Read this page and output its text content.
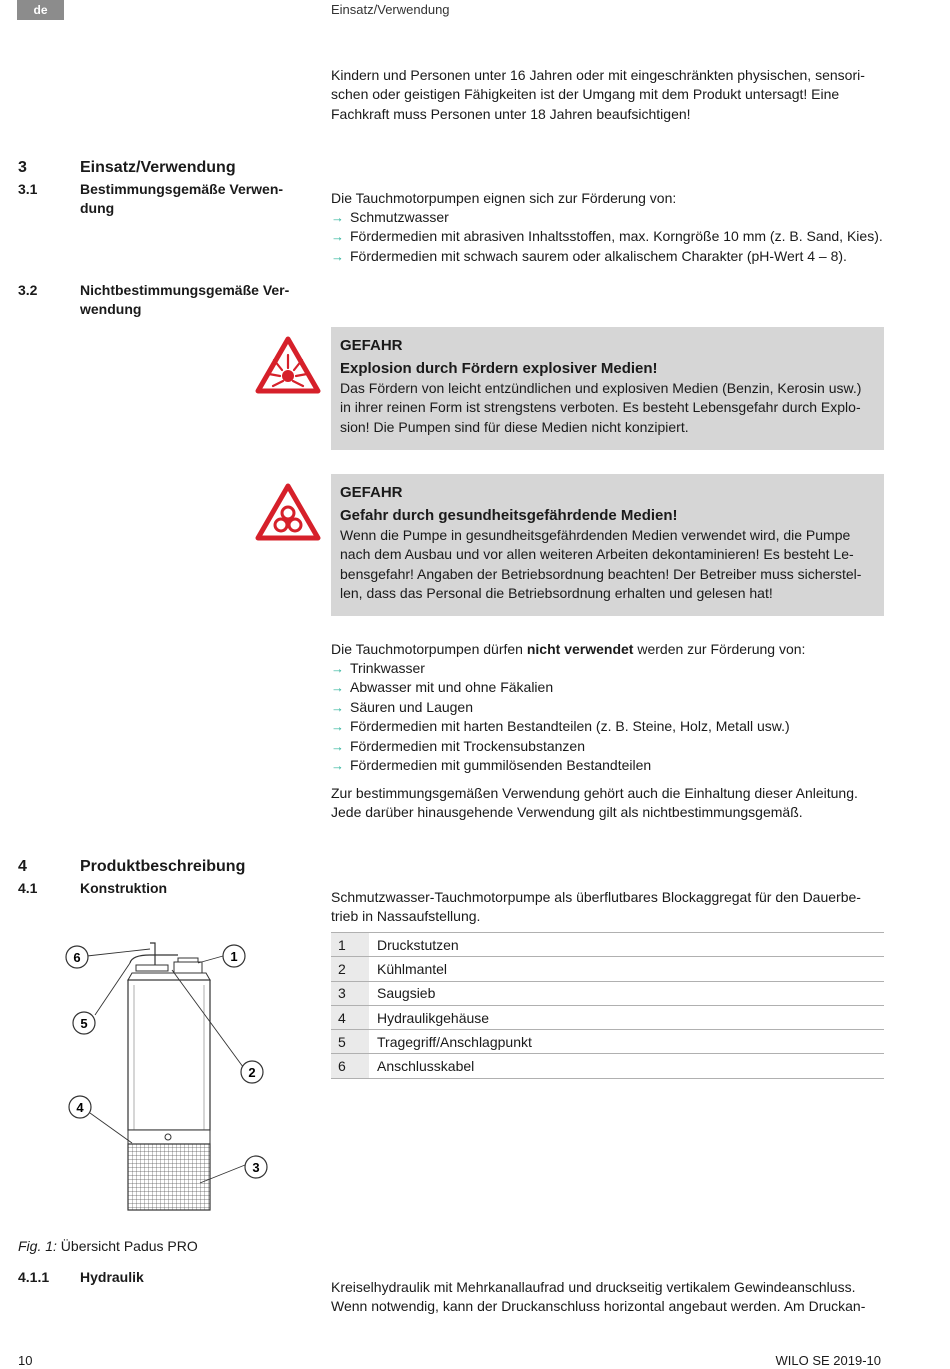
de	Einsatz/Verwendung
Kindern und Personen unter 16 Jahren oder mit eingeschränkten physischen, sensori-
schen oder geistigen Fähigkeiten ist der Umgang mit dem Produkt untersagt! Eine
Fachkraft muss Personen unter 18 Jahren beaufsichtigen!
3	Einsatz/Verwendung
3.1	Bestimmungsgemäße Verwen-
dung
Die Tauchmotorpumpen eignen sich zur Förderung von:
→ Schmutzwasser
→ Fördermedien mit abrasiven Inhaltsstoffen, max. Korngröße 10 mm (z. B. Sand, Kies).
→ Fördermedien mit schwach saurem oder alkalischem Charakter (pH-Wert 4 – 8).
3.2	Nichtbestimmungsgemäße Ver-
wendung
GEFAHR
Explosion durch Fördern explosiver Medien!
Das Fördern von leicht entzündlichen und explosiven Medien (Benzin, Kerosin usw.)
in ihrer reinen Form ist strengstens verboten. Es besteht Lebensgefahr durch Explo-
sion! Die Pumpen sind für diese Medien nicht konzipiert.
GEFAHR
Gefahr durch gesundheitsgefährdende Medien!
Wenn die Pumpe in gesundheitsgefährdenden Medien verwendet wird, die Pumpe
nach dem Ausbau und vor allen weiteren Arbeiten dekontaminieren! Es besteht Le-
bensgefahr! Angaben der Betriebsordnung beachten! Der Betreiber muss sicherstel-
len, dass das Personal die Betriebsordnung erhalten und gelesen hat!
Die Tauchmotorpumpen dürfen nicht verwendet werden zur Förderung von:
→ Trinkwasser
→ Abwasser mit und ohne Fäkalien
→ Säuren und Laugen
→ Fördermedien mit harten Bestandteilen (z. B. Steine, Holz, Metall usw.)
→ Fördermedien mit Trockensubstanzen
→ Fördermedien mit gummilösenden Bestandteilen
Zur bestimmungsgemäßen Verwendung gehört auch die Einhaltung dieser Anleitung.
Jede darüber hinausgehende Verwendung gilt als nichtbestimmungsgemäß.
4	Produktbeschreibung
4.1	Konstruktion
Schmutzwasser-Tauchmotorpumpe als überflutbares Blockaggregat für den Dauerbe-
trieb in Nassaufstellung.
1	Druckstutzen
2	Kühlmantel
3	Saugsieb
4	Hydraulikgehäuse
5	Tragegriff/Anschlagpunkt
6	Anschlusskabel
1
2
3
4
5
6
Fig. 1: Übersicht Padus PRO
4.1.1 Hydraulik
Kreiselhydraulik mit Mehrkanallaufrad und druckseitig vertikalem Gewindeanschluss.
Wenn notwendig, kann der Druckanschluss horizontal angebaut werden. Am Druckan-
10	WILO SE 2019-10
